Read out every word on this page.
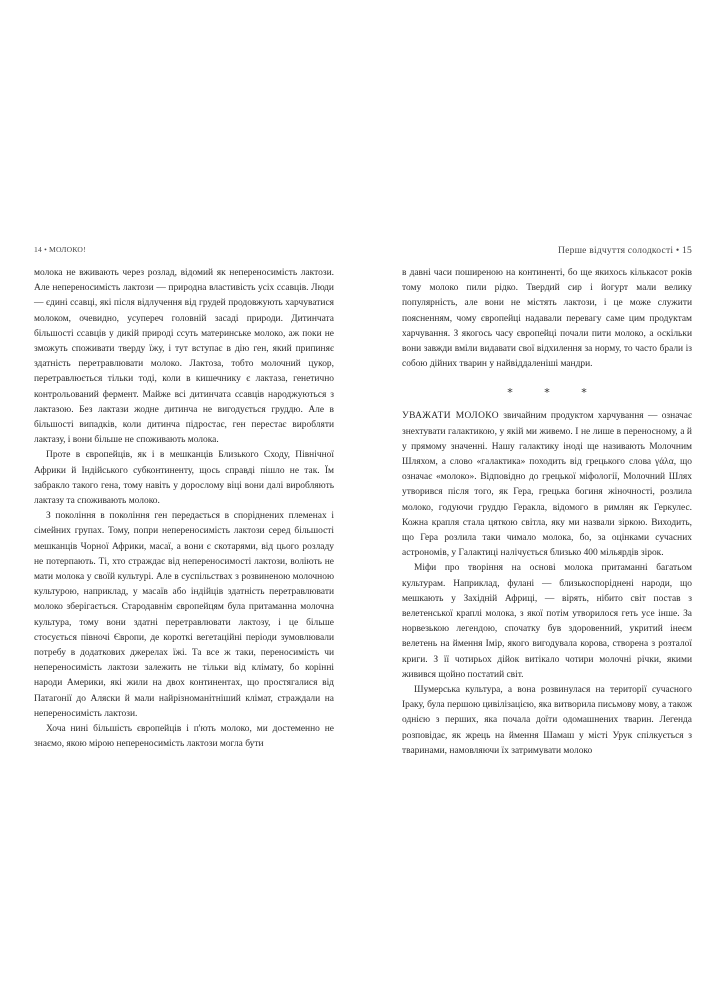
14 • МОЛОКО!

молока не вживають через розлад, відомий як непереносимість лактози. Але непереносимість лактози — природна властивість усіх ссавців. Люди — єдині ссавці, які після відлучення від грудей продовжують харчуватися молоком, очевидно, усупереч головній засаді природи. Дитинчата більшості ссавців у дикій природі ссуть материнське молоко, аж поки не зможуть споживати тверду їжу, і тут вступає в дію ген, який припиняє здатність перетравлювати молоко. Лактоза, тобто молочний цукор, перетравлюється тільки тоді, коли в кишечнику є лактаза, генетично контрольований фермент. Майже всі дитинчата ссавців народжуються з лактазою. Без лактази жодне дитинча не вигодується груддю. Але в більшості випадків, коли дитинча підростає, ген перестає виробляти лактазу, і вони більше не споживають молока.

Проте в європейців, як і в мешканців Близького Сходу, Північної Африки й Індійського субконтиненту, щось справді пішло не так. Їм забракло такого гена, тому навіть у дорослому віці вони далі виробляють лактазу та споживають молоко.

З покоління в покоління ген передається в споріднених племенах і сімейних групах. Тому, попри непереносимість лактози серед більшості мешканців Чорної Африки, масаї, а вони є скотарями, від цього розладу не потерпають. Ті, хто страждає від непереносимості лактози, воліють не мати молока у своїй культурі. Але в суспільствах з розвиненою молочною культурою, наприклад, у масаїв або індійців здатність перетравлювати молоко зберігається. Стародавнім європейцям була притаманна молочна культура, тому вони здатні перетравлювати лактозу, і це більше стосується півночі Європи, де короткі вегетаційні періоди зумовлювали потребу в додаткових джерелах їжі. Та все ж таки, переносимість чи непереносимість лактози залежить не тільки від клімату, бо корінні народи Америки, які жили на двох континентах, що простягалися від Патагонії до Аляски й мали найрізноманітніший клімат, страждали на непереносимість лактози.

Хоча нині більшість європейців і п'ють молоко, ми достеменно не знаємо, якою мірою непереносимість лактози могла бути

Перше відчуття солодкості • 15

в давні часи поширеною на континенті, бо ще якихось кількасот років тому молоко пили рідко. Твердий сир і йогурт мали велику популярність, але вони не містять лактози, і це може служити поясненням, чому європейці надавали перевагу саме цим продуктам харчування. З якогось часу європейці почали пити молоко, а оскільки вони завжди вміли видавати свої відхилення за норму, то часто брали із собою дійних тварин у найвіддаленіші мандри.

* * *

УВАЖАТИ МОЛОКО звичайним продуктом харчування — означає знехтувати галактикою, у якій ми живемо. І не лише в переносному, а й у прямому значенні. Нашу галактику іноді ще називають Молочним Шляхом, а слово «галактика» походить від грецького слова γάλα, що означає «молоко». Відповідно до грецької міфології, Молочний Шлях утворився після того, як Гера, грецька богиня жіночності, розлила молоко, годуючи груддю Геракла, відомого в римлян як Геркулес. Кожна крапля стала цяткою світла, яку ми назвали зіркою. Виходить, що Гера розлила таки чимало молока, бо, за оцінками сучасних астрономів, у Галактиці налічується близько 400 мільярдів зірок.

Міфи про творіння на основі молока притаманні багатьом культурам. Наприклад, фулані — близькоспоріднені народи, що мешкають у Західній Африці, — вірять, нібито світ постав з велетенської краплі молока, з якої потім утворилося геть усе інше. За норвезькою легендою, спочатку був здоровенний, укритий інеєм велетень на ймення Імір, якого вигодувала корова, створена з розталої криги. З її чотирьох дійок витікало чотири молочні річки, якими живився щойно постатий світ.

Шумерська культура, а вона розвинулася на території сучасного Іраку, була першою цивілізацією, яка витворила письмову мову, а також однією з перших, яка почала доїти одомашнених тварин. Легенда розповідає, як жрець на ймення Шамаш у місті Урук спілкується з тваринами, намовляючи їх затримувати молоко
